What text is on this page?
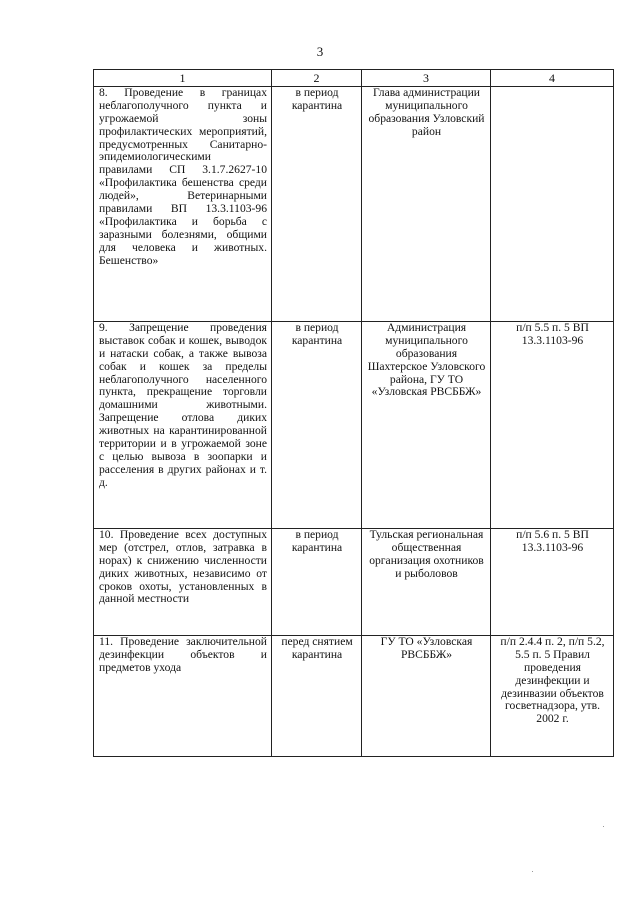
3
1	2	3	4
8. Проведение в границах неблагополучного пункта и угрожаемой зоны профилактических мероприятий, предусмотренных Санитарно-эпидемиологическими правилами СП 3.1.7.2627-10 «Профилактика бешенства среди людей», Ветеринарными правилами ВП 13.3.1103-96 «Профилактика и борьба с заразными болезнями, общими для человека и животных. Бешенство»	в период карантина	Глава администрации муниципального образования Узловский район	
9. Запрещение проведения выставок собак и кошек, выводок и натаски собак, а также вывоза собак и кошек за пределы неблагополучного населенного пункта, прекращение торговли домашними животными. Запрещение отлова диких животных на карантинированной территории и в угрожаемой зоне с целью вывоза в зоопарки и расселения в других районах и т. д.	в период карантина	Администрация муниципального образования Шахтерское Узловского района, ГУ ТО «Узловская РВСББЖ»	п/п 5.5 п. 5 ВП 13.3.1103-96
10. Проведение всех доступных мер (отстрел, отлов, затравка в норах) к снижению численности диких животных, независимо от сроков охоты, установленных в данной местности	в период карантина	Тульская региональная общественная организация охотников и рыболовов	п/п 5.6 п. 5 ВП 13.3.1103-96
11. Проведение заключительной дезинфекции объектов и предметов ухода	перед снятием карантина	ГУ ТО «Узловская РВСББЖ»	п/п 2.4.4 п. 2, п/п 5.2, 5.5 п. 5 Правил проведения дезинфекции и дезинвазии объектов госветнадзора, утв. 2002 г.
